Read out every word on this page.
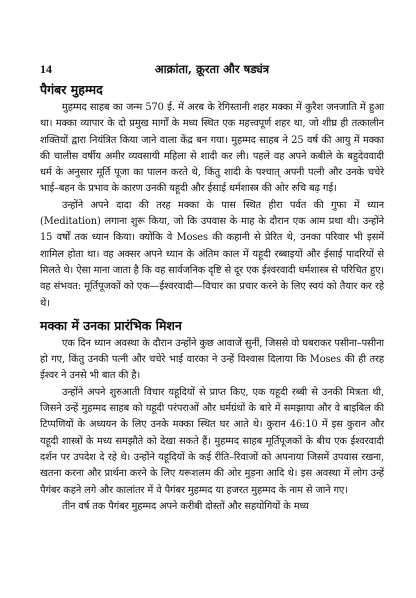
14	आक्रांता, क्रूरता और षड्यंत्र
पैगंबर मुहम्मद

मुहम्मद साहब का जन्म 570 ई. में अरब के रेगिस्तानी शहर मक्का में कुरैश जनजाति में हुआ था। मक्का व्यापार के दो प्रमुख मार्गों के मध्य स्थित एक महत्त्वपूर्ण शहर था, जो शीघ्र ही तत्कालीन शक्तियों द्वारा नियंत्रित किया जाने वाला केंद्र बन गया। मुहम्मद साहब ने 25 वर्ष की आयु में मक्का की चालीस वर्षीय अमीर व्यवसायी महिला से शादी कर ली। पहले वह अपने कबीले के बहुदेववादी धर्म के अनुसार मूर्ति पूजा का पालन करते थे, किंतु शादी के पश्चात् अपनी पत्नी और उनके चचेरे भाई–बहन के प्रभाव के कारण उनकी यहूदी और ईसाई धर्मशास्त्र की ओर रुचि बढ़ गई।

उन्होंने अपने दादा की तरह मक्का के पास स्थित हीरा पर्वत की गुफा में ध्यान (Meditation) लगाना शुरू किया, जो कि उपवास के माह के दौरान एक आम प्रथा थी। उन्होंने 15 वर्षों तक ध्यान किया। क्योंकि वे Moses की कहानी से प्रेरित थे, उनका परिवार भी इसमें शामिल होता था। वह अक्सर अपने ध्यान के अंतिम काल में यहूदी रब्बाइयों और ईसाई पादरियों से मिलते थे। ऐसा माना जाता है कि वह सार्वजनिक दृष्टि से दूर एक ईश्वरवादी धर्मशास्त्र से परिचित हुए। वह संभवत: मूर्तिपूजकों को एक—ईश्वरवादी—विचार का प्रचार करने के लिए स्वयं को तैयार कर रहे थे।

मक्का में उनका प्रारंभिक मिशन

एक दिन ध्यान अवस्था के दौरान उन्होंने कुछ आवाजें सुनीं, जिससे वो घबराकर पसीना–पसीना हो गए, किंतु उनकी पत्नी और चचेरे भाई वारका ने उन्हें विश्वास दिलाया कि Moses की ही तरह ईश्वर ने उनसे भी बात की है।

उन्होंने अपने शुरुआती विचार यहूदियों से प्राप्त किए, एक यहूदी रब्बी से उनकी मित्रता थी, जिसने उन्हें मुहम्मद साहब को यहूदी परंपराओं और धर्मग्रंथों के बारे में समझाया और वे बाइबिल की टिप्पणियों के अध्ययन के लिए उनके मक्का स्थित घर आते थे। कुरान 46:10 में इस कुरान और यहूदी शास्त्रों के मध्य समझौते को देखा सकते हैं। मुहम्मद साहब मूर्तिपूजकों के बीच एक ईश्वरवादी दर्शन पर उपदेश दे रहे थे। उन्होंने यहूदियों के कई रीति–रिवाजों को अपनाया जिसमें उपवास रखना, खतना करना और प्रार्थना करने के लिए यरूशलम की ओर मुड़ना आदि थे। इस अवस्था में लोग उन्हें पैगंबर कहने लगे और कालांतर में वे पैगंबर मुहम्मद या हजरत मुहम्मद के नाम से जाने गए।

तीन वर्ष तक पैगंबर मुहम्मद अपने करीबी दोस्तों और सहयोगियों के मध्य
